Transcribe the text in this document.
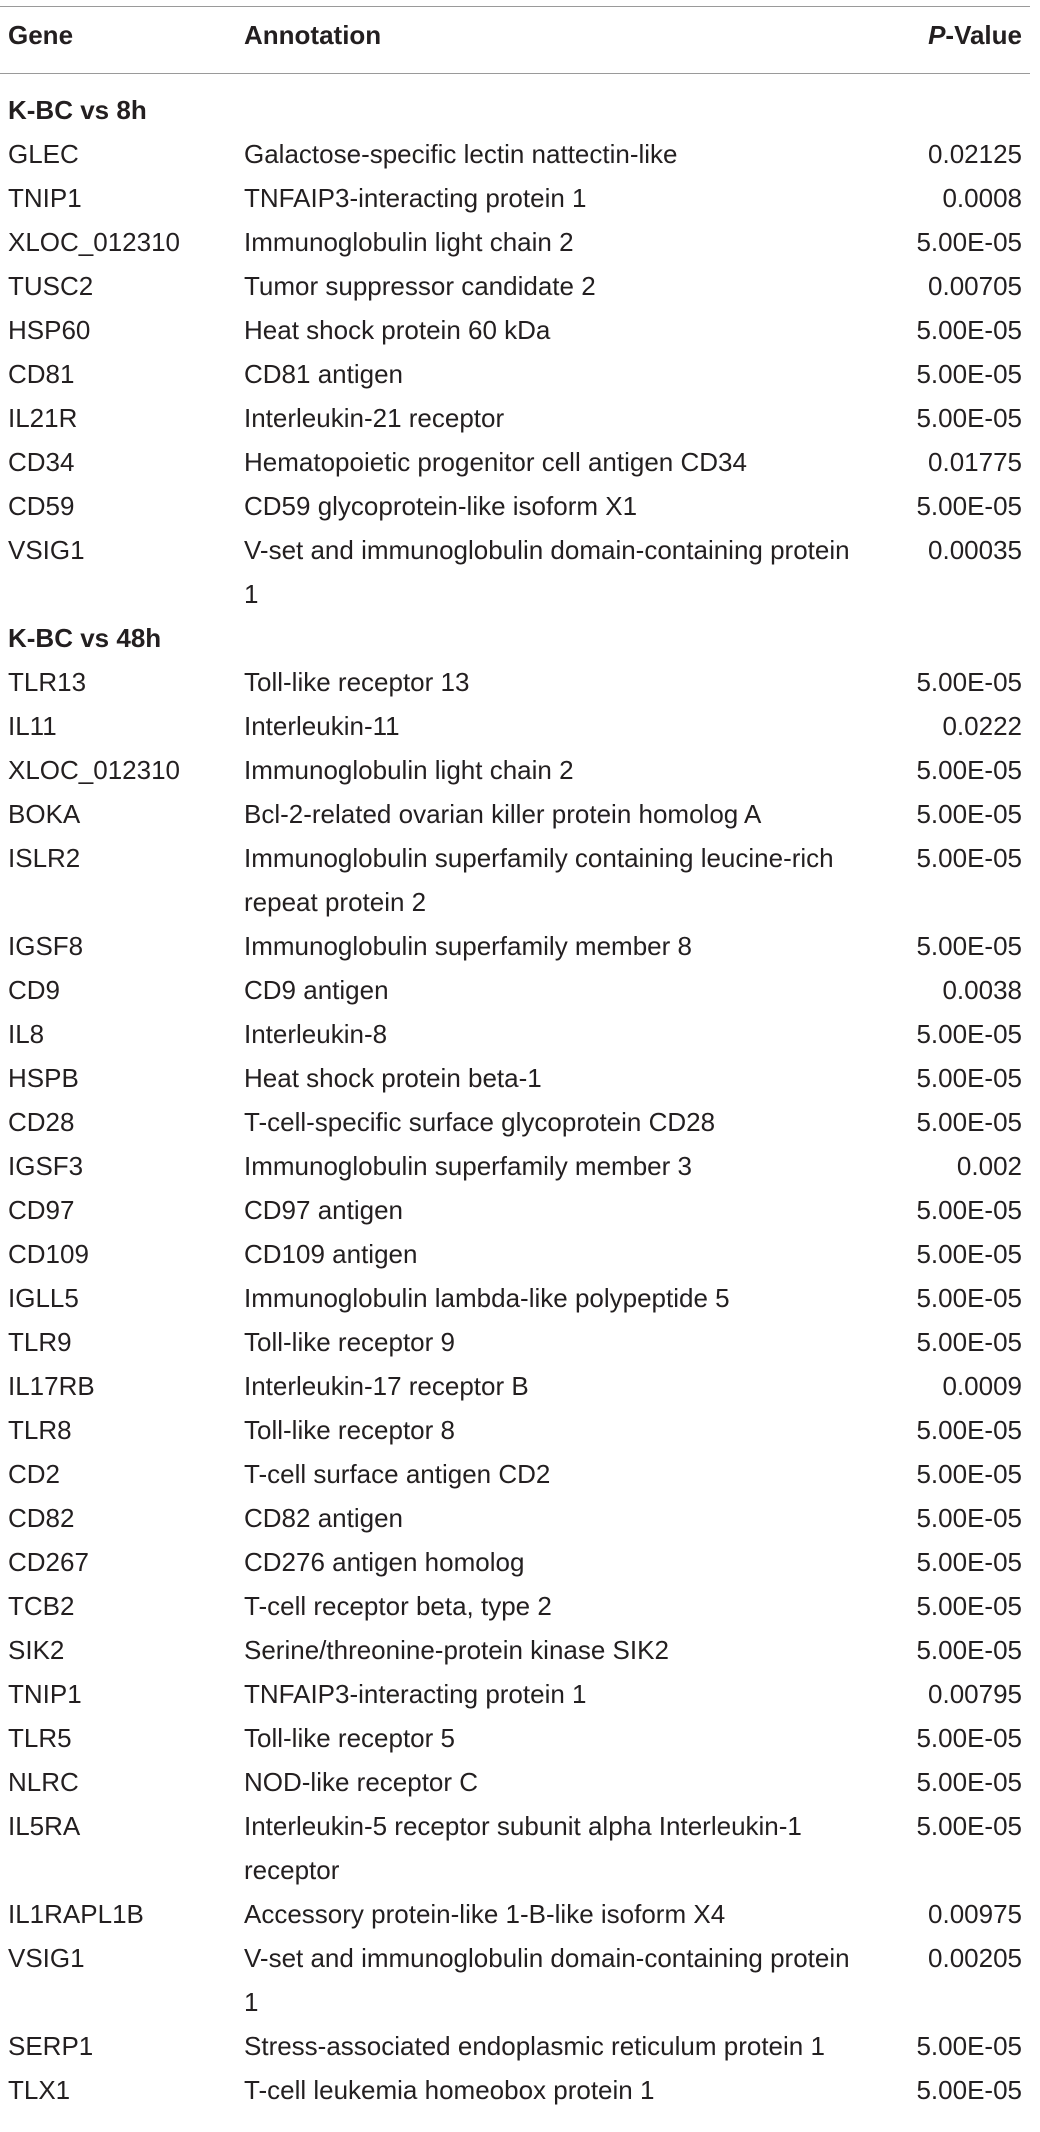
Gene	Annotation	P-Value
K-BC vs 8h
GLEC	Galactose-specific lectin nattectin-like	0.02125
TNIP1	TNFAIP3-interacting protein 1	0.0008
XLOC_012310 Immunoglobulin light chain 2	5.00E-05
TUSC2	Tumor suppressor candidate 2	0.00705
HSP60	Heat shock protein 60 kDa	5.00E-05
CD81	CD81 antigen	5.00E-05
IL21R	Interleukin-21 receptor	5.00E-05
CD34	Hematopoietic progenitor cell antigen CD34	0.01775
CD59	CD59 glycoprotein-like isoform X1	5.00E-05
VSIG1	V-set and immunoglobulin domain-containing protein 1
0.00035
K-BC vs 48h
TLR13	Toll-like receptor 13	5.00E-05
IL11	Interleukin-11	0.0222
XLOC_012310 Immunoglobulin light chain 2	5.00E-05
BOKA	Bcl-2-related ovarian killer protein homolog A	5.00E-05
ISLR2	Immunoglobulin superfamily containing leucine-rich repeat protein 2
5.00E-05
IGSF8	Immunoglobulin superfamily member 8	5.00E-05
CD9	CD9 antigen	0.0038
IL8	Interleukin-8	5.00E-05
HSPB	Heat shock protein beta-1	5.00E-05
CD28	T-cell-specific surface glycoprotein CD28	5.00E-05
IGSF3	Immunoglobulin superfamily member 3	0.002
CD97	CD97 antigen	5.00E-05
CD109	CD109 antigen	5.00E-05
IGLL5	Immunoglobulin lambda-like polypeptide 5	5.00E-05
TLR9	Toll-like receptor 9	5.00E-05
IL17RB	Interleukin-17 receptor B	0.0009
TLR8	Toll-like receptor 8	5.00E-05
CD2	T-cell surface antigen CD2	5.00E-05
CD82	CD82 antigen	5.00E-05
CD267	CD276 antigen homolog	5.00E-05
TCB2	T-cell receptor beta, type 2	5.00E-05
SIK2	Serine/threonine-protein kinase SIK2	5.00E-05
TNIP1	TNFAIP3-interacting protein 1	0.00795
TLR5	Toll-like receptor 5	5.00E-05
NLRC	NOD-like receptor C	5.00E-05
IL5RA	Interleukin-5 receptor subunit alpha Interleukin-1 receptor
5.00E-05
IL1RAPL1B	Accessory protein-like 1-B-like isoform X4	0.00975
VSIG1	V-set and immunoglobulin domain-containing protein 1
0.00205
SERP1	Stress-associated endoplasmic reticulum protein 1	5.00E-05
TLX1	T-cell leukemia homeobox protein 1	5.00E-05
